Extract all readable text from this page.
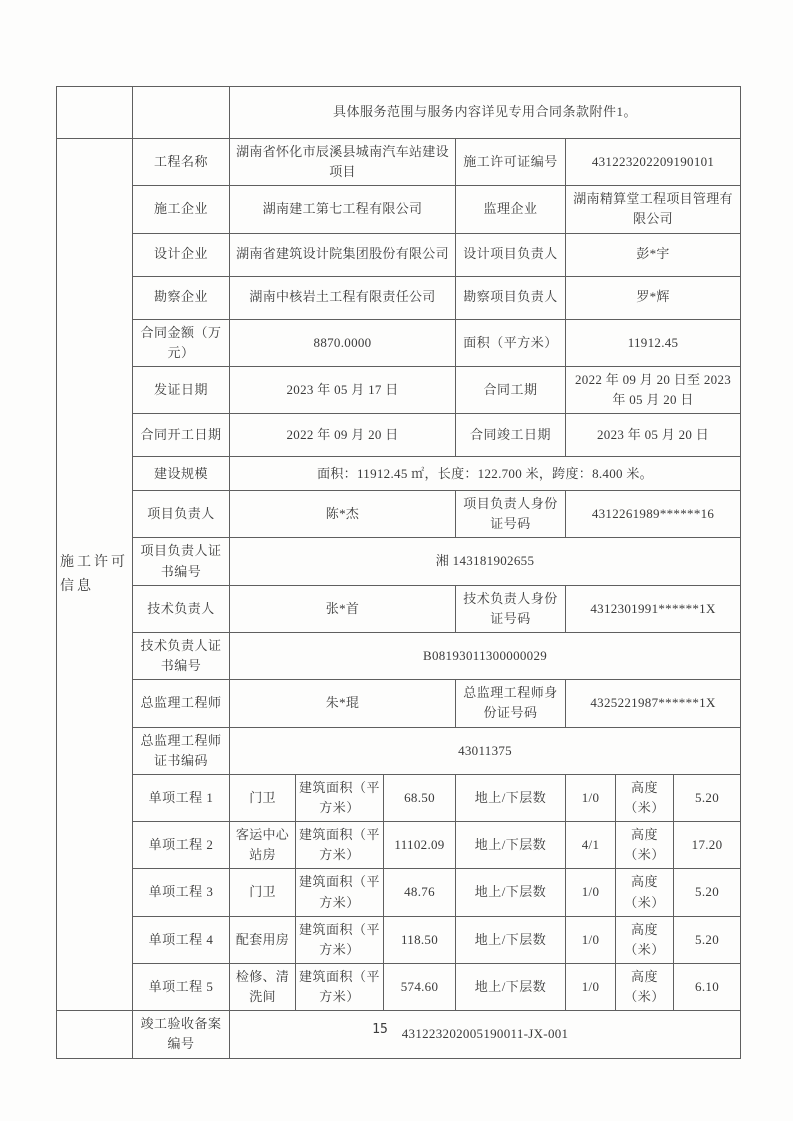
		具体服务范围与服务内容详见专用合同条款附件1。						

施工许可信息	工程名称	湖南省怀化市辰溪县城南汽车站建设项目			施工许可证编号	431223202209190101		
	施工企业	湖南建工第七工程有限公司			监理企业	湖南精算堂工程项目管理有限公司		
	设计企业	湖南省建筑设计院集团股份有限公司			设计项目负责人	彭*宇		
	勘察企业	湖南中核岩土工程有限责任公司			勘察项目负责人	罗*辉		
	合同金额（万元）	8870.0000			面积（平方米）	11912.45		
	发证日期	2023 年 05 月 17 日			合同工期	2022 年 09 月 20 日至 2023 年 05 月 20 日		
	合同开工日期	2022 年 09 月 20 日			合同竣工日期	2023 年 05 月 20 日		
	建设规模	面积：11912.45 ㎡，长度：122.700 米，跨度：8.400 米。						
	项目负责人	陈*杰			项目负责人身份证号码	4312261989******16		
	项目负责人证书编号	湘 143181902655						
	技术负责人	张*首			技术负责人身份证号码	4312301991******1X		
	技术负责人证书编号	B08193011300000029						
	总监理工程师	朱*琨			总监理工程师身份证号码	4325221987******1X		
	总监理工程师证书编码	43011375						
	单项工程 1	门卫	建筑面积（平方米）	68.50	地上/下层数	1/0	高度（米）	5.20
	单项工程 2	客运中心站房	建筑面积（平方米）	11102.09	地上/下层数	4/1	高度（米）	17.20
	单项工程 3	门卫	建筑面积（平方米）	48.76	地上/下层数	1/0	高度（米）	5.20
	单项工程 4	配套用房	建筑面积（平方米）	118.50	地上/下层数	1/0	高度（米）	5.20
	单项工程 5	检修、清洗间	建筑面积（平方米）	574.60	地上/下层数	1/0	高度（米）	6.10
	竣工验收备案编号	431223202005190011-JX-001						
15
